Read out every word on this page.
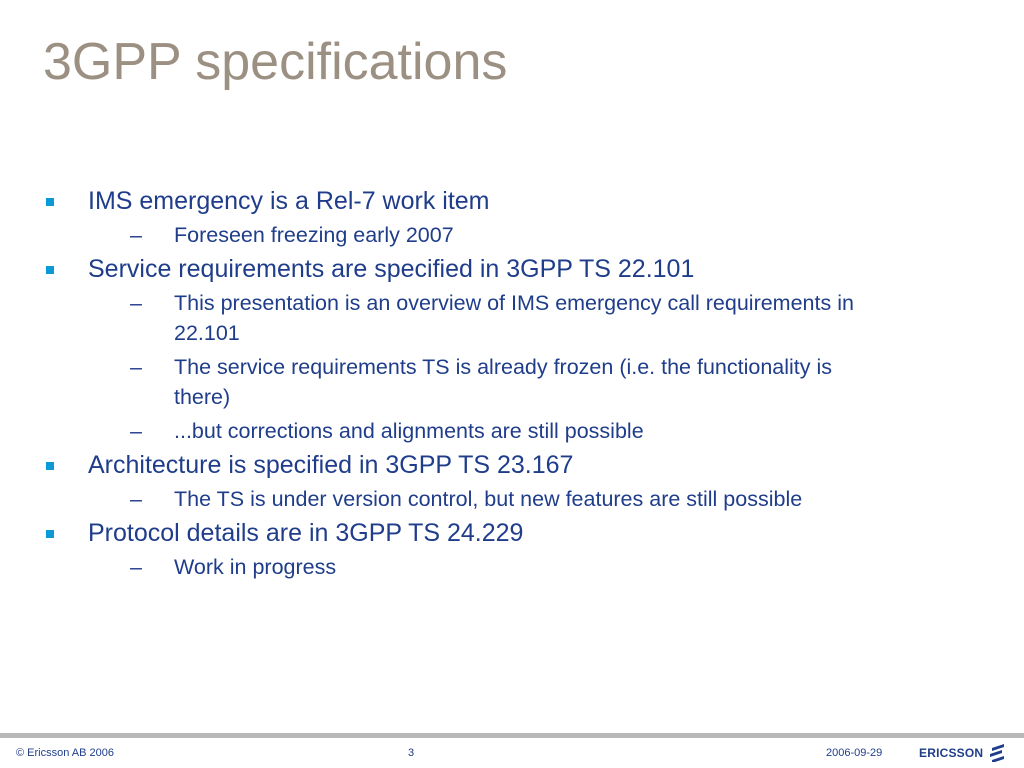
3GPP specifications
IMS emergency is a Rel-7 work item
– Foreseen freezing early 2007
Service requirements are specified in 3GPP TS 22.101
– This presentation is an overview of IMS emergency call requirements in 22.101
– The service requirements TS is already frozen (i.e. the functionality is there)
– ...but corrections and alignments are still possible
Architecture is specified in 3GPP TS 23.167
– The TS is under version control, but new features are still possible
Protocol details are in 3GPP TS 24.229
– Work in progress
© Ericsson AB 2006	3	2006-09-29	ERICSSON
